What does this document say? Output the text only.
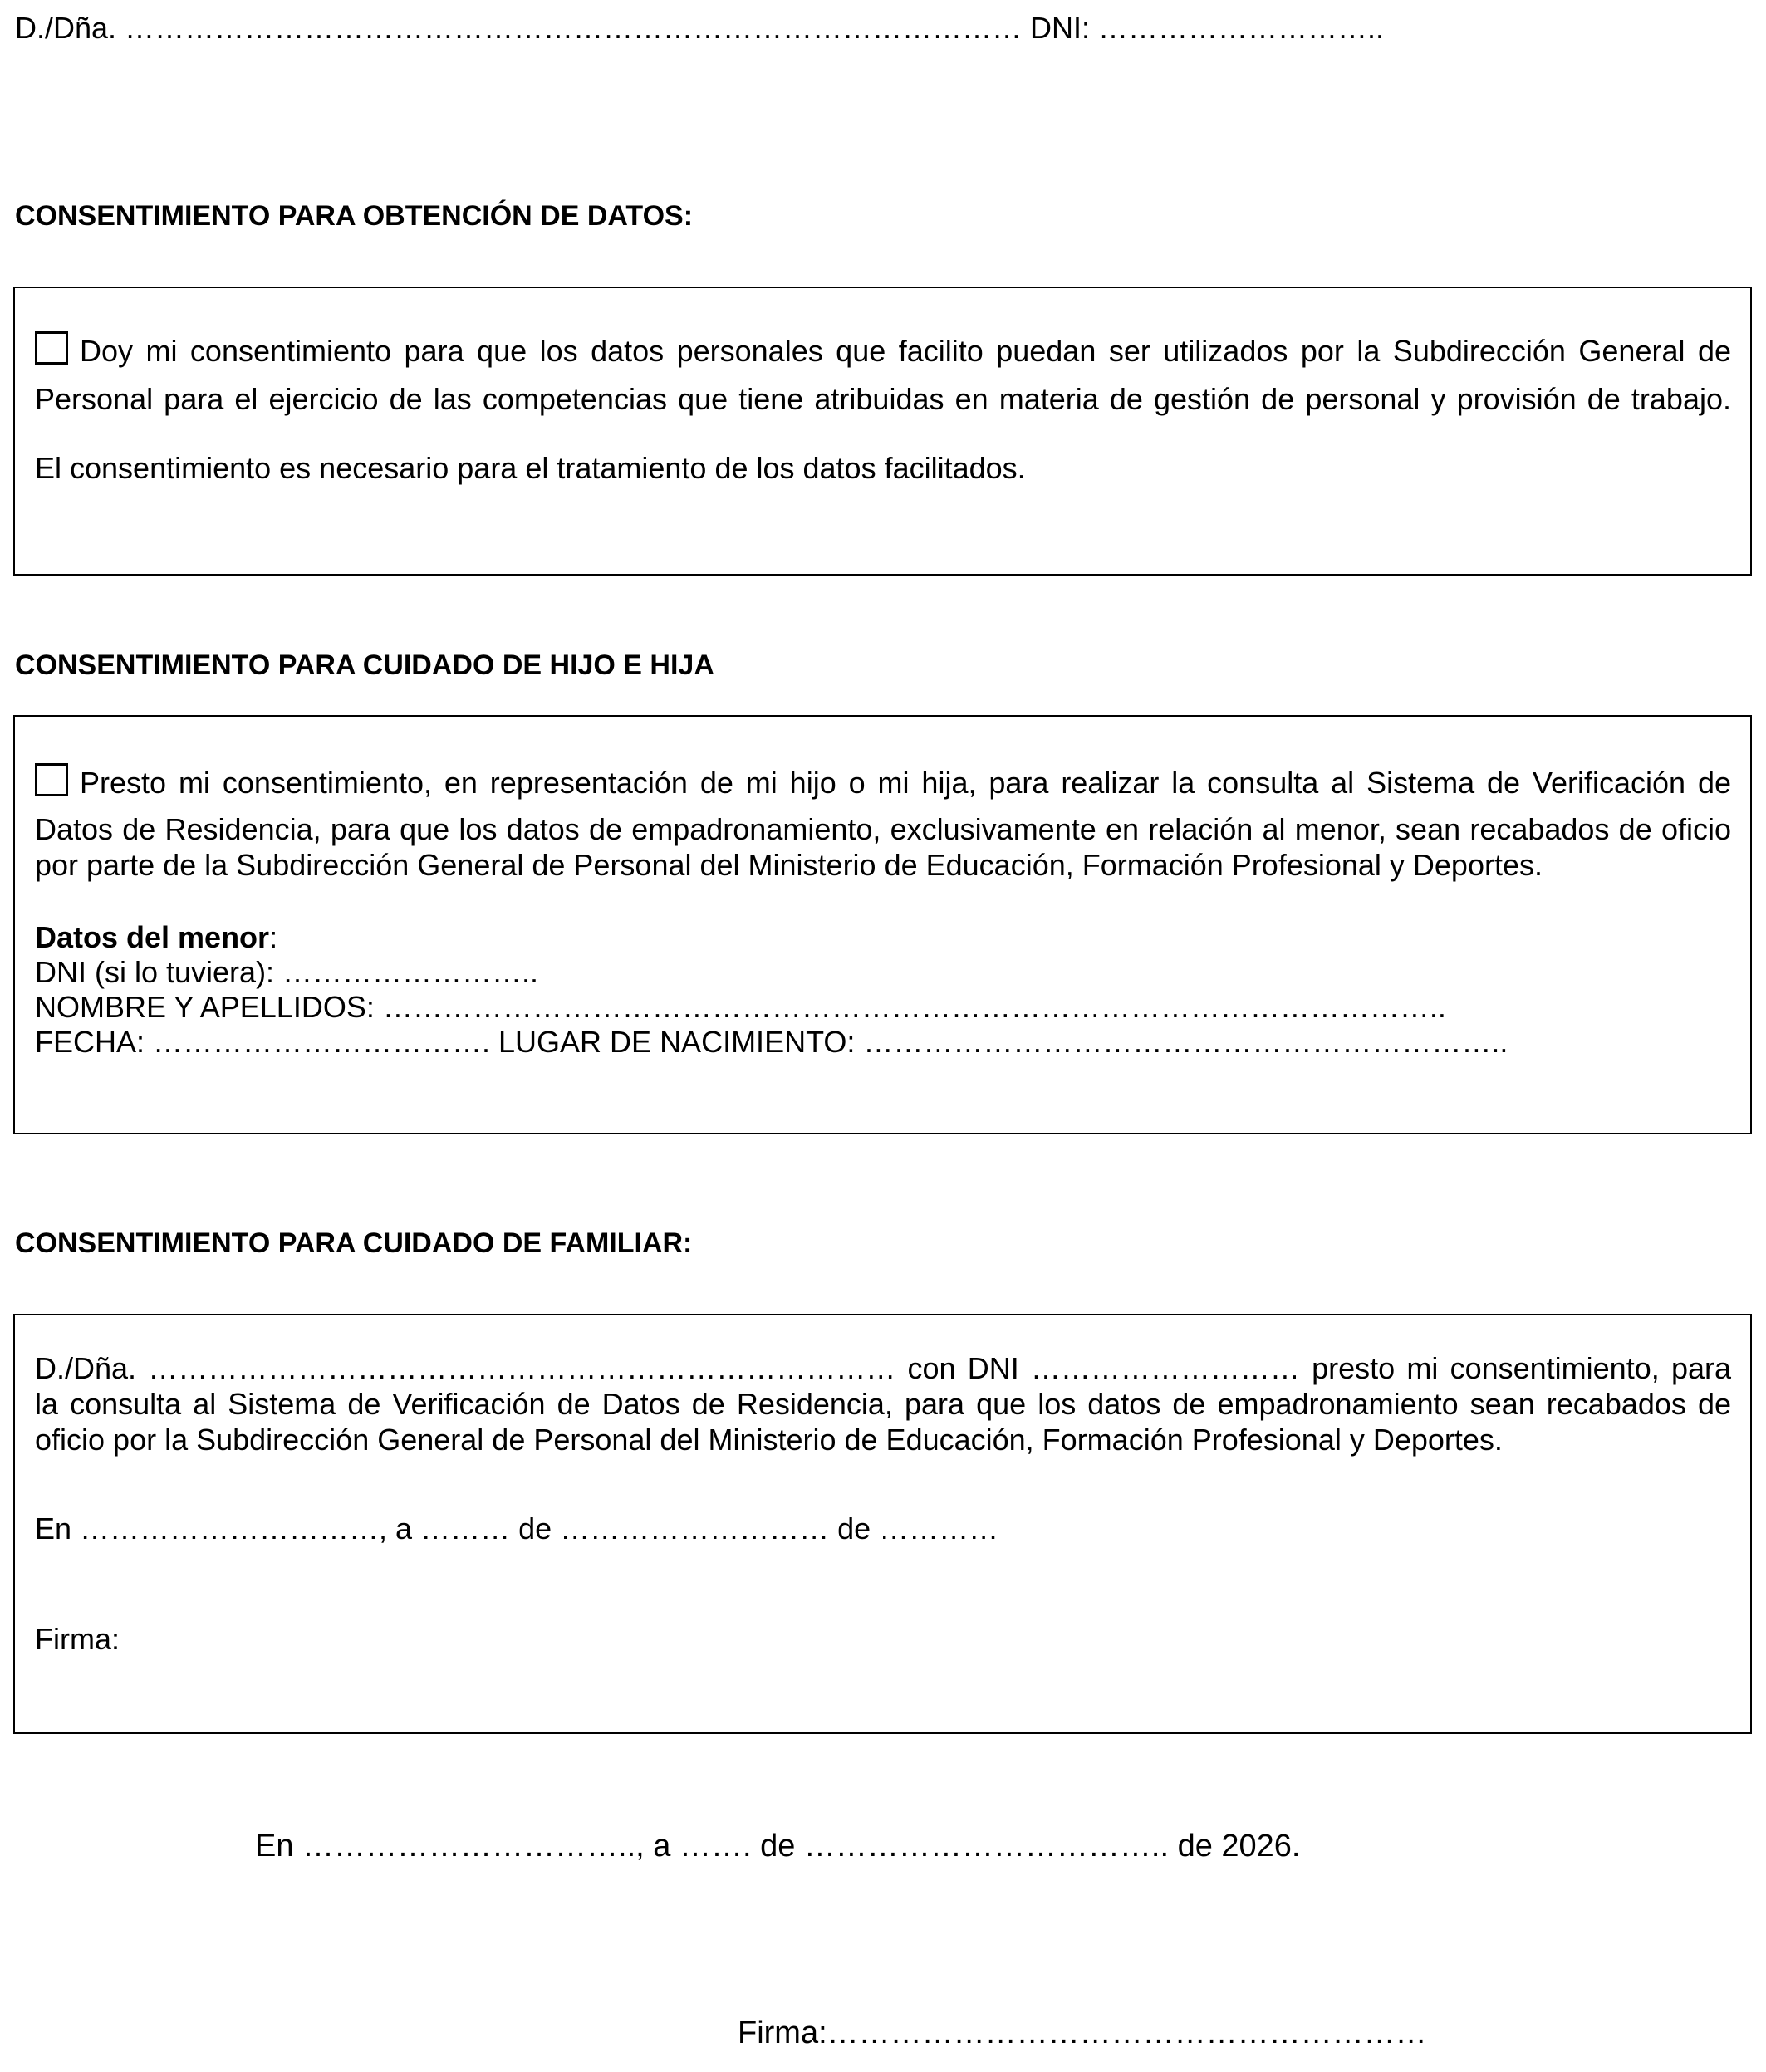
D./Dña. ……………………………………………………………………………… DNI: ………………………..
CONSENTIMIENTO PARA OBTENCIÓN DE DATOS:
Doy mi consentimiento para que los datos personales que facilito puedan ser utilizados por la Subdirección General de
Personal para el ejercicio de las competencias que tiene atribuidas en materia de gestión de personal y provisión de trabajo.
El consentimiento es necesario para el tratamiento de los datos facilitados.
CONSENTIMIENTO PARA CUIDADO DE HIJO E HIJA
Presto mi consentimiento, en representación de mi hijo o mi hija, para realizar la consulta al Sistema de Verificación de
Datos de Residencia, para que los datos de empadronamiento, exclusivamente en relación al menor, sean recabados de oficio
por parte de la Subdirección General de Personal del Ministerio de Educación, Formación Profesional y Deportes.
Datos del menor:
DNI (si lo tuviera): ……………………..
NOMBRE Y APELLIDOS: ……………………………………………………………………………………………..
FECHA: ……………………………. LUGAR DE NACIMIENTO: ………………………………………………………..
CONSENTIMIENTO PARA CUIDADO DE FAMILIAR:
D./Dña. ………………………………………………………………… con DNI ……………………… presto mi consentimiento, para
la consulta al Sistema de Verificación de Datos de Residencia, para que los datos de empadronamiento sean recabados de
oficio por la Subdirección General de Personal del Ministerio de Educación, Formación Profesional y Deportes.
En …………………………, a ……… de ……………………… de …………
Firma:
En ………………………….., a ……. de …………………………….. de 2026.
Firma:…………………………………………………
